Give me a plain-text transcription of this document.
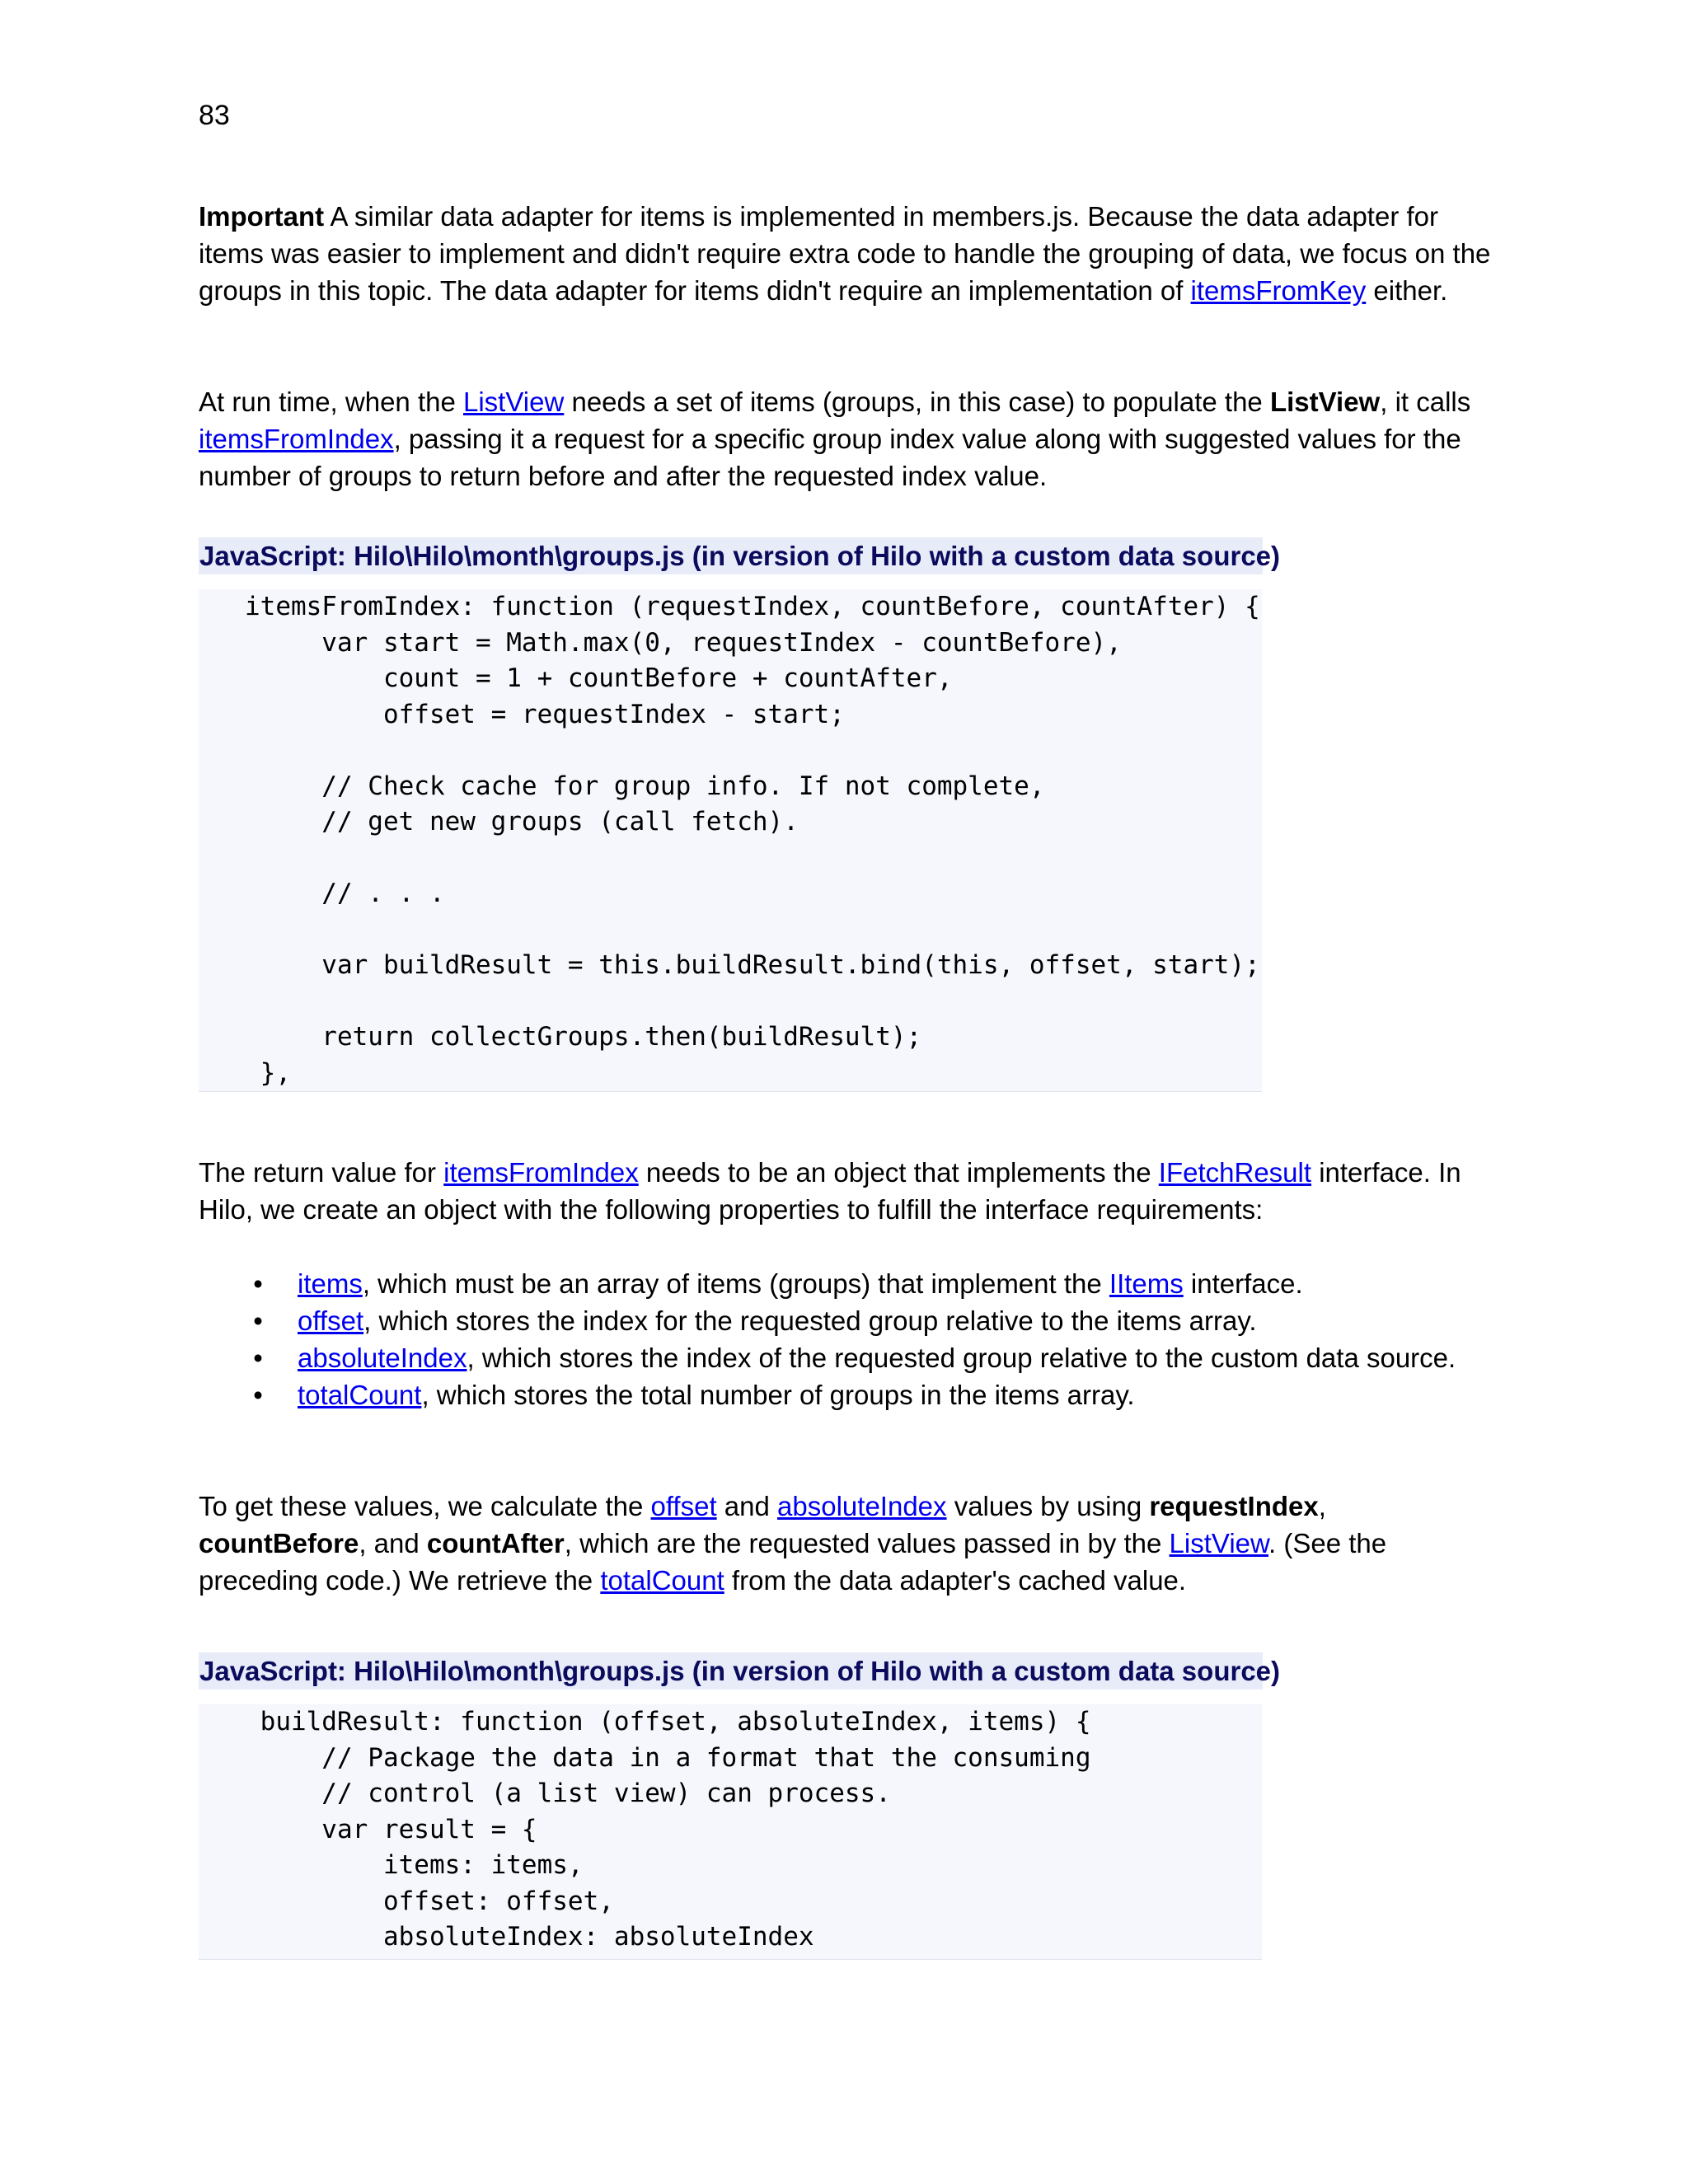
83

Important A similar data adapter for items is implemented in members.js. Because the data adapter for items was easier to implement and didn't require extra code to handle the grouping of data, we focus on the groups in this topic. The data adapter for items didn't require an implementation of itemsFromKey either.

At run time, when the ListView needs a set of items (groups, in this case) to populate the ListView, it calls itemsFromIndex, passing it a request for a specific group index value along with suggested values for the number of groups to return before and after the requested index value.

JavaScript: Hilo\Hilo\month\groups.js (in version of Hilo with a custom data source)
itemsFromIndex: function (requestIndex, countBefore, countAfter) {
var start = Math.max(0, requestIndex - countBefore),
count = 1 + countBefore + countAfter,
offset = requestIndex - start;
// Check cache for group info. If not complete,
// get new groups (call fetch).
// . . .
var buildResult = this.buildResult.bind(this, offset, start);
return collectGroups.then(buildResult);
},

The return value for itemsFromIndex needs to be an object that implements the IFetchResult interface. In Hilo, we create an object with the following properties to fulfill the interface requirements:

• items, which must be an array of items (groups) that implement the IItems interface.
• offset, which stores the index for the requested group relative to the items array.
• absoluteIndex, which stores the index of the requested group relative to the custom data source.
• totalCount, which stores the total number of groups in the items array.

To get these values, we calculate the offset and absoluteIndex values by using requestIndex, countBefore, and countAfter, which are the requested values passed in by the ListView. (See the preceding code.) We retrieve the totalCount from the data adapter's cached value.

JavaScript: Hilo\Hilo\month\groups.js (in version of Hilo with a custom data source)
buildResult: function (offset, absoluteIndex, items) {
// Package the data in a format that the consuming
// control (a list view) can process.
var result = {
items: items,
offset: offset,
absoluteIndex: absoluteIndex
